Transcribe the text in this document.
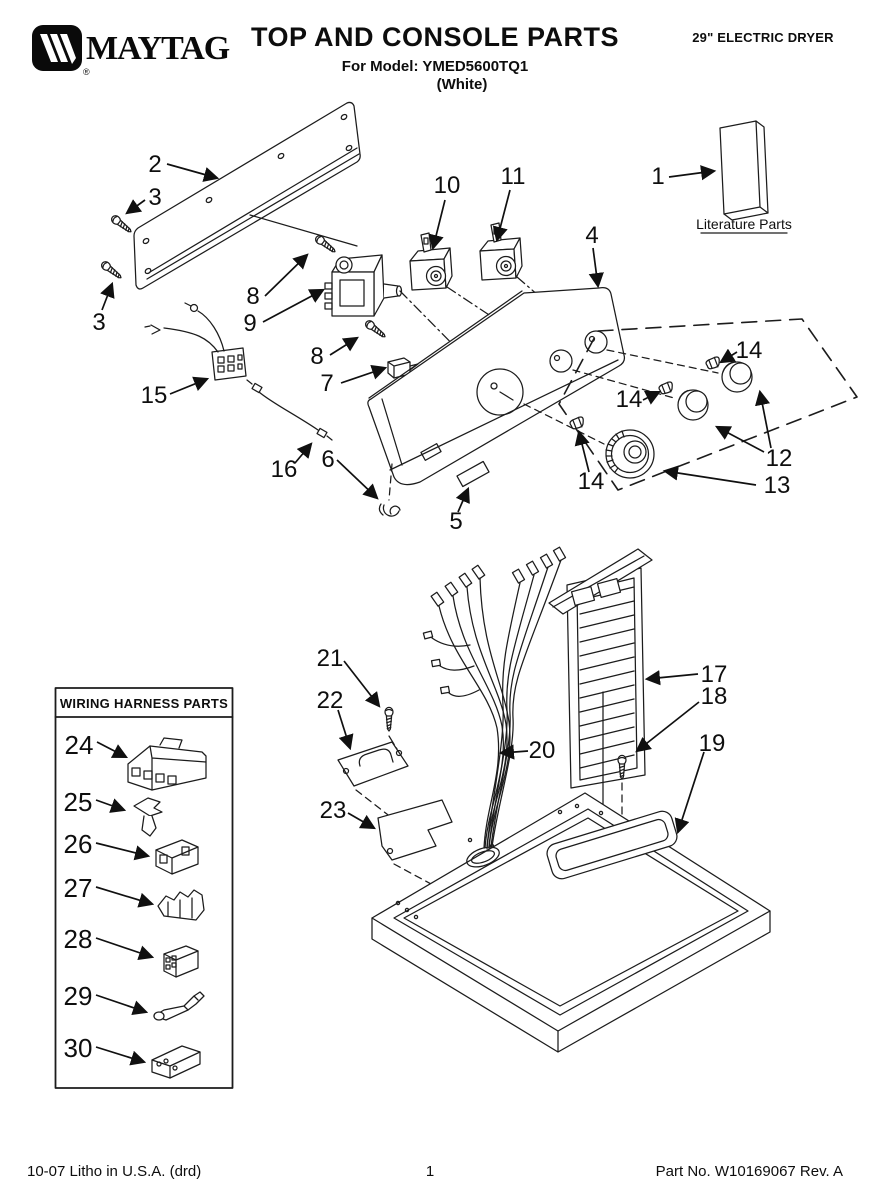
®
MAYTAG TOP AND CONSOLE PARTS
For Model: YMED5600TQ1
(White)
29" ELECTRIC DRYER
2
3
3
8
9
8
7
10 11
4
1
14
14
14
12
13
15
16 6
5
21
22
23
20
17
18
19
Literature Parts
WIRING HARNESS PARTS
24
25
26
27
28
29
30
10-07 Litho in U.S.A. (drd)	1	Part No. W10169067 Rev. A
